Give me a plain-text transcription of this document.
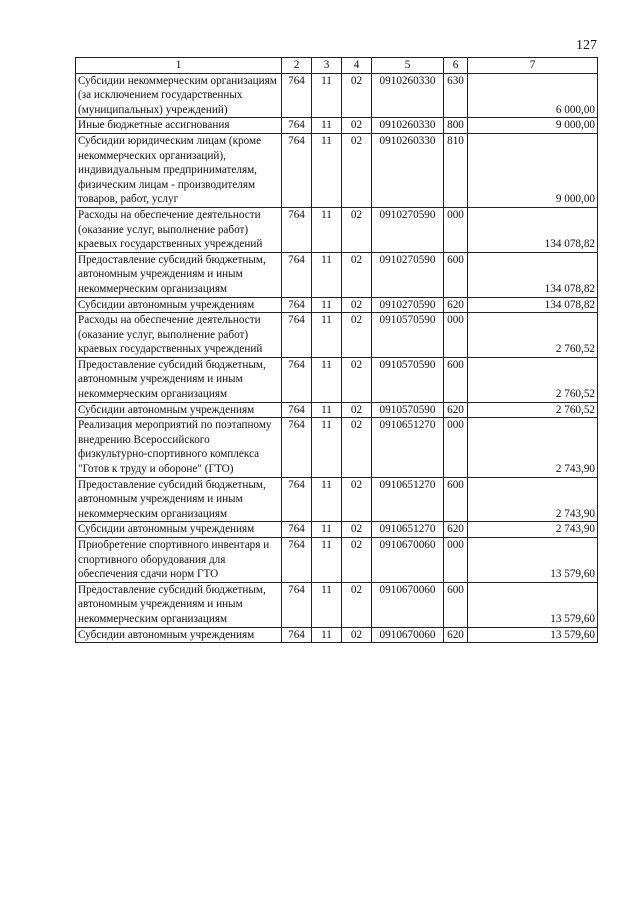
127
1	2	3	4	5	6	7
Субсидии некоммерческим организациям (за исключением государственных (муниципальных) учреждений)	764	11	02	0910260330	630	6 000,00
Иные бюджетные ассигнования	764	11	02	0910260330	800	9 000,00
Субсидии юридическим лицам (кроме некоммерческих организаций), индивидуальным предпринимателям, физическим лицам - производителям товаров, работ, услуг	764	11	02	0910260330	810	9 000,00
Расходы на обеспечение деятельности (оказание услуг, выполнение работ) краевых государственных учреждений	764	11	02	0910270590	000	134 078,82
Предоставление субсидий бюджетным, автономным учреждениям и иным некоммерческим организациям	764	11	02	0910270590	600	134 078,82
Субсидии автономным учреждениям	764	11	02	0910270590	620	134 078,82
Расходы на обеспечение деятельности (оказание услуг, выполнение работ) краевых государственных учреждений	764	11	02	0910570590	000	2 760,52
Предоставление субсидий бюджетным, автономным учреждениям и иным некоммерческим организациям	764	11	02	0910570590	600	2 760,52
Субсидии автономным учреждениям	764	11	02	0910570590	620	2 760,52
Реализация мероприятий по поэтапному внедрению Всероссийского физкультурно-спортивного комплекса "Готов к труду и обороне" (ГТО)	764	11	02	0910651270	000	2 743,90
Предоставление субсидий бюджетным, автономным учреждениям и иным некоммерческим организациям	764	11	02	0910651270	600	2 743,90
Субсидии автономным учреждениям	764	11	02	0910651270	620	2 743,90
Приобретение спортивного инвентаря и спортивного оборудования для обеспечения сдачи норм ГТО	764	11	02	0910670060	000	13 579,60
Предоставление субсидий бюджетным, автономным учреждениям и иным некоммерческим организациям	764	11	02	0910670060	600	13 579,60
Субсидии автономным учреждениям	764	11	02	0910670060	620	13 579,60
